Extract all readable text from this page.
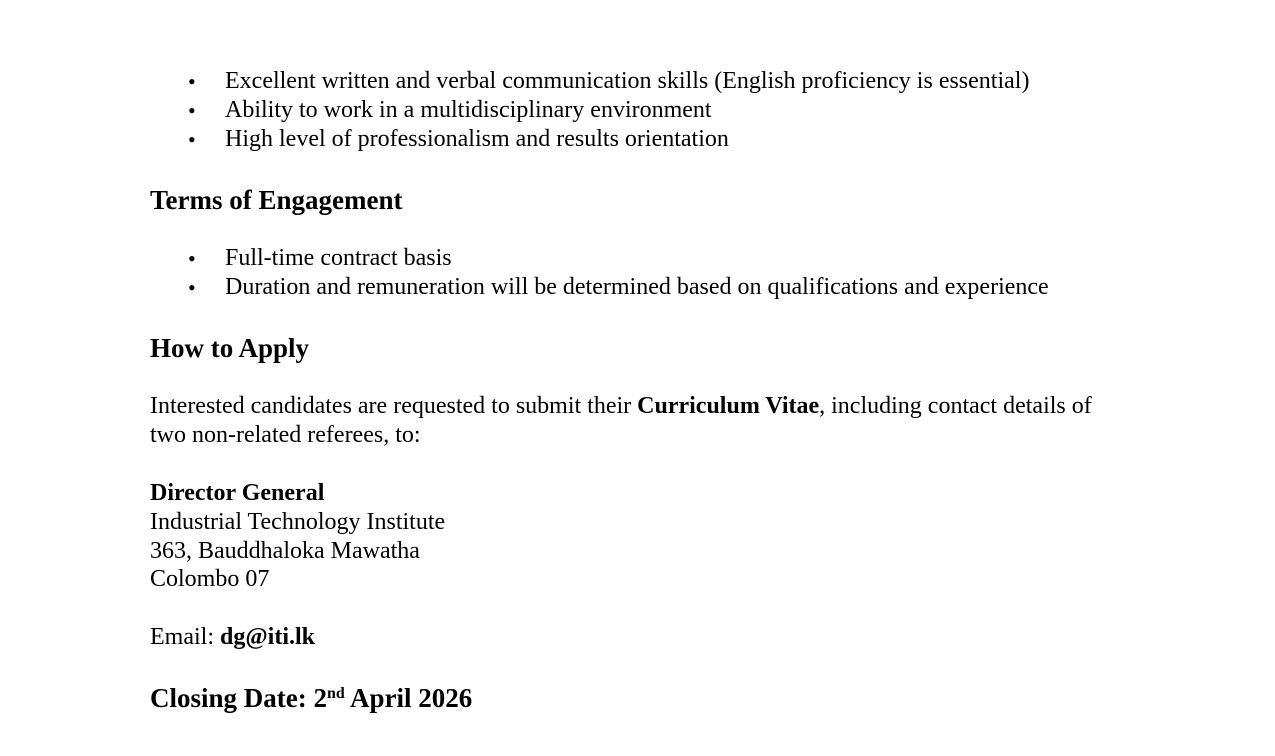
• Excellent written and verbal communication skills (English proficiency is essential)
• Ability to work in a multidisciplinary environment
• High level of professionalism and results orientation
Terms of Engagement
• Full-time contract basis
• Duration and remuneration will be determined based on qualifications and experience
How to Apply
Interested candidates are requested to submit their Curriculum Vitae, including contact details of
two non-related referees, to:
Director General
Industrial Technology Institute
363, Bauddhaloka Mawatha
Colombo 07
Email: dg@iti.lk
Closing Date: 2nd April 2026
